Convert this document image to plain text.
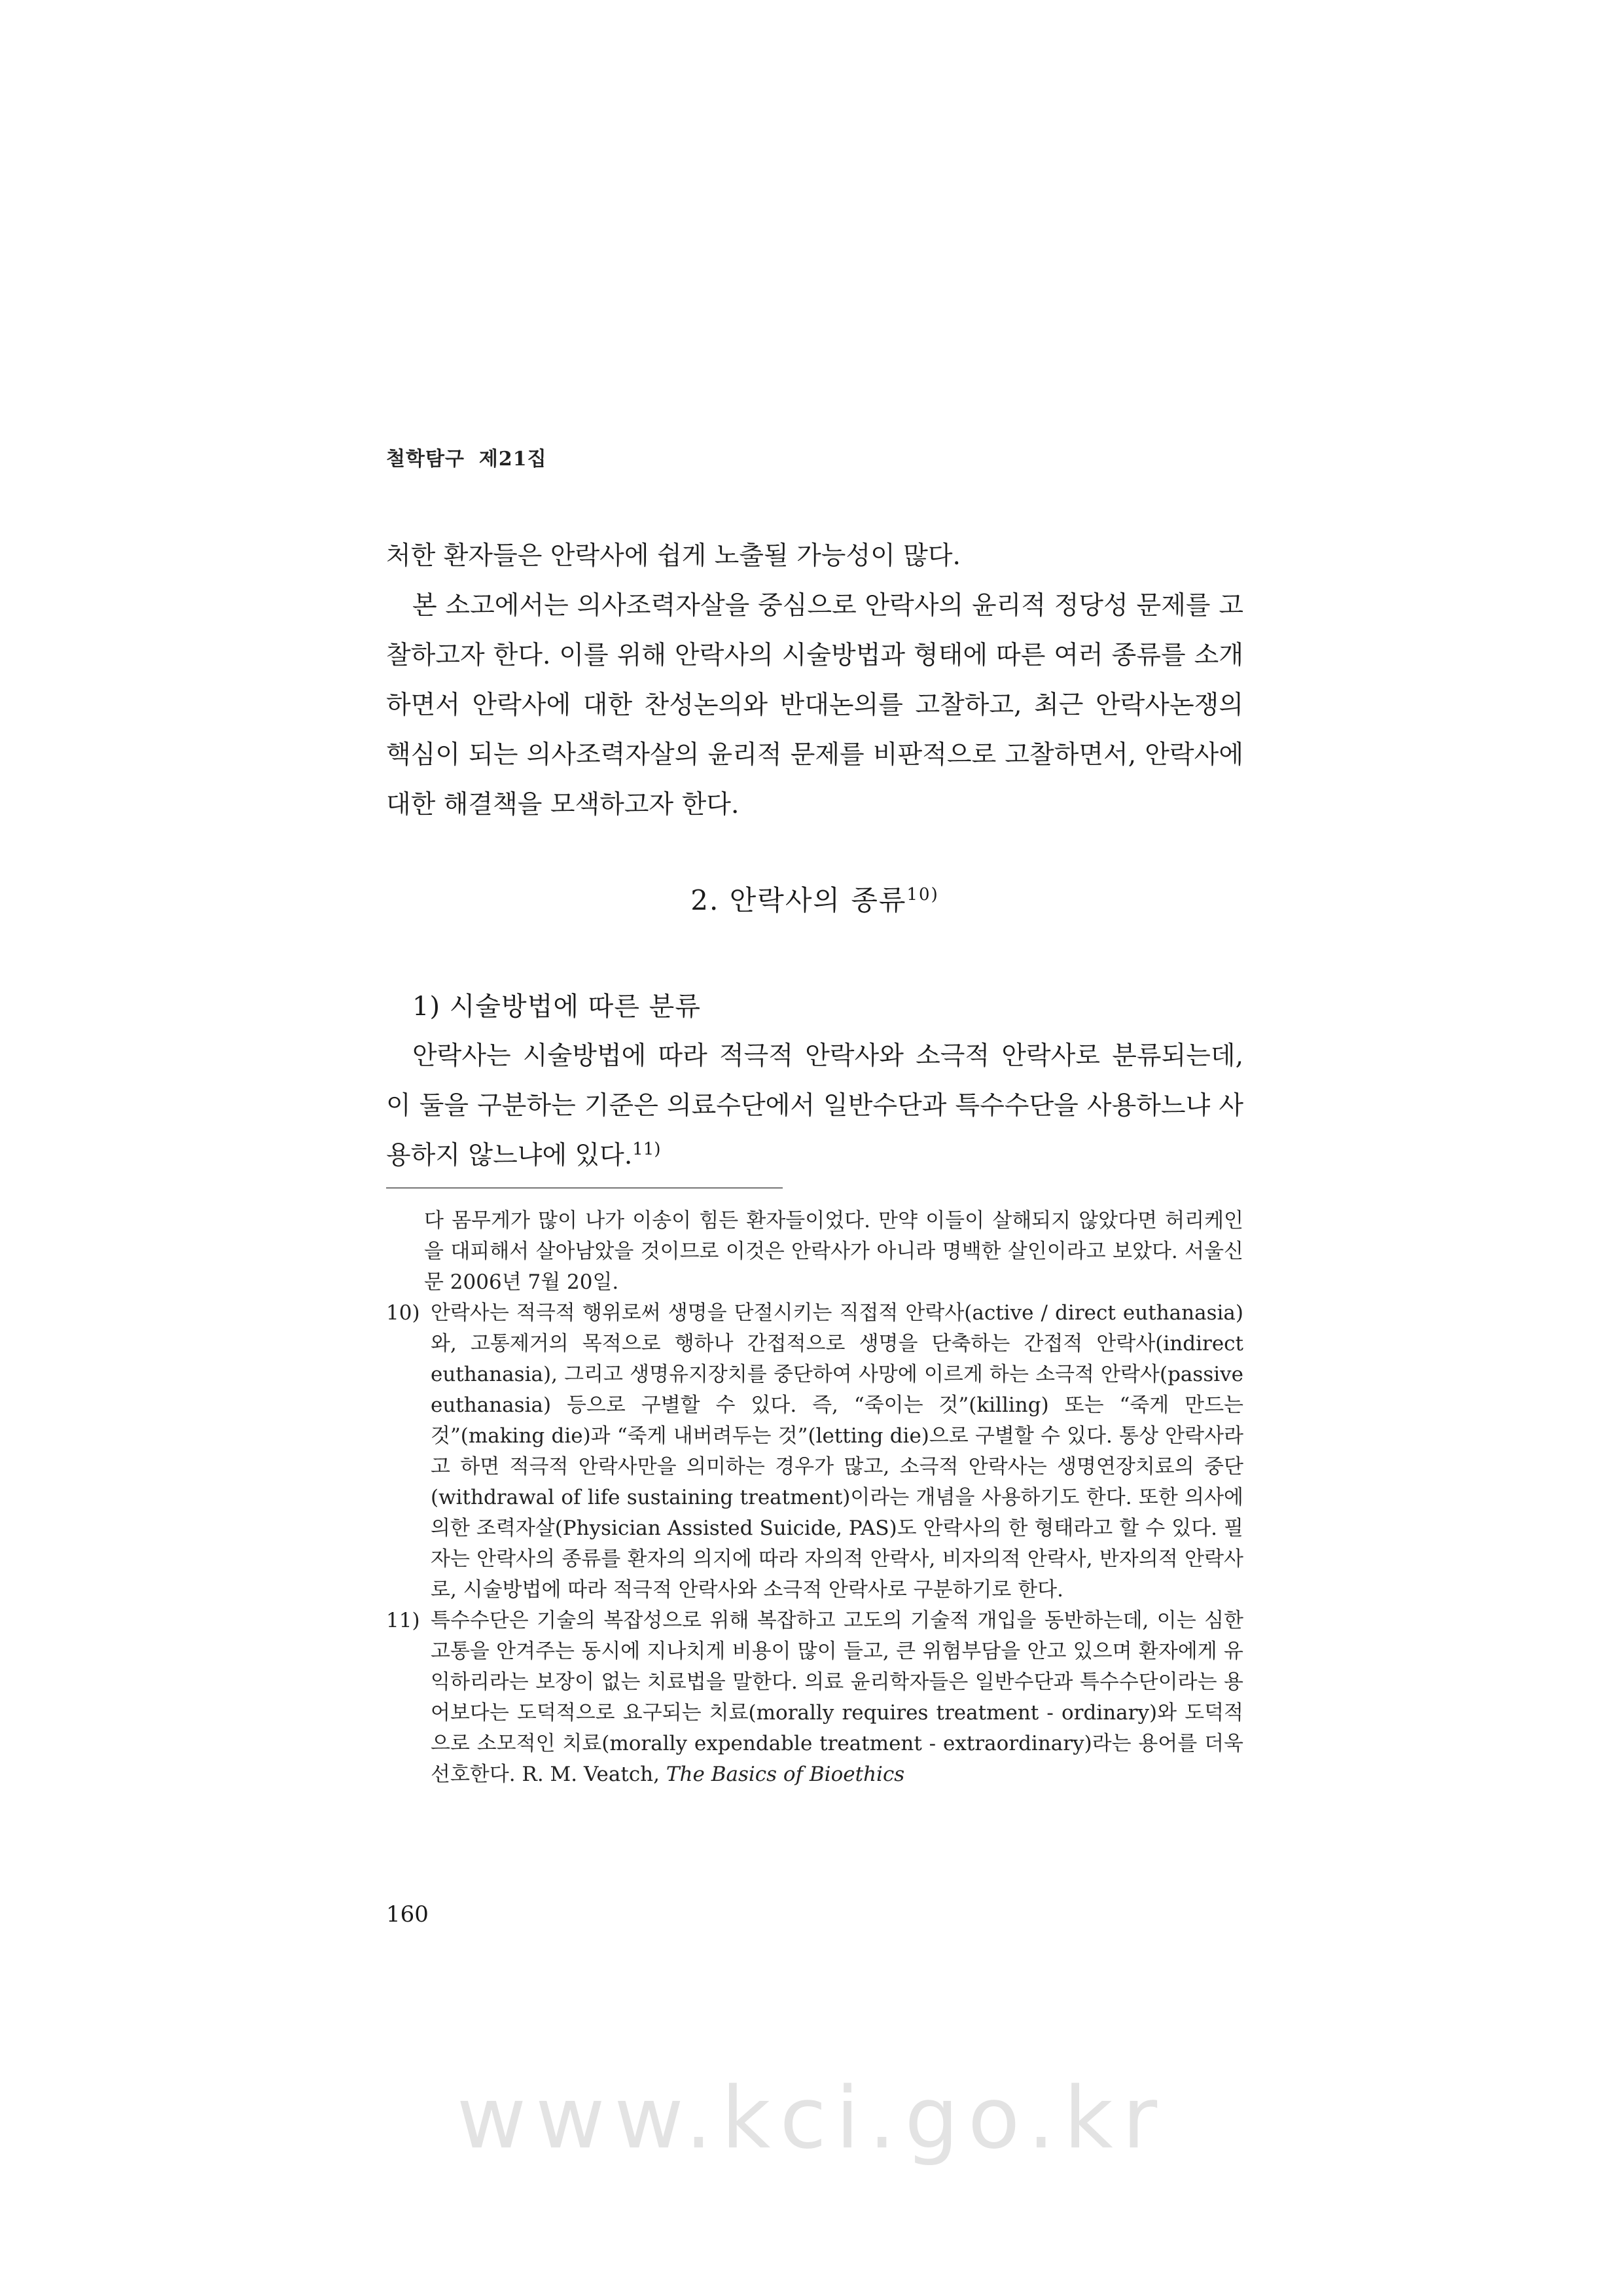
철학탐구 제21집

처한 환자들은 안락사에 쉽게 노출될 가능성이 많다.

본 소고에서는 의사조력자살을 중심으로 안락사의 윤리적 정당성 문제를 고찰하고자 한다. 이를 위해 안락사의 시술방법과 형태에 따른 여러 종류를 소개하면서 안락사에 대한 찬성논의와 반대논의를 고찰하고, 최근 안락사논쟁의 핵심이 되는 의사조력자살의 윤리적 문제를 비판적으로 고찰하면서, 안락사에 대한 해결책을 모색하고자 한다.

2. 안락사의 종류$^{10)}$
1) 시술방법에 따른 분류

안락사는 시술방법에 따라 적극적 안락사와 소극적 안락사로 분류되는데, 이 둘을 구분하는 기준은 의료수단에서 일반수단과 특수수단을 사용하느냐 사용하지 않느냐에 있다.$^{11)}$

다 몸무게가 많이 나가 이송이 힘든 환자들이었다. 만약 이들이 살해되지 않았다면 허리케인을 대피해서 살아남았을 것이므로 이것은 안락사가 아니라 명백한 살인이라고 보았다. 서울신문 2006년 7월 20일.
10) 안락사는 적극적 행위로써 생명을 단절시키는 직접적 안락사(active / direct euthanasia)와, 고통제거의 목적으로 행하나 간접적으로 생명을 단축하는 간접적 안락사(indirect euthanasia), 그리고 생명유지장치를 중단하여 사망에 이르게 하는 소극적 안락사(passive euthanasia) 등으로 구별할 수 있다. 즉, “죽이는 것”(killing) 또는 “죽게 만드는 것”(making die)과 “죽게 내버려두는 것”(letting die)으로 구별할 수 있다. 통상 안락사라고 하면 적극적 안락사만을 의미하는 경우가 많고, 소극적 안락사는 생명연장치료의 중단(withdrawal of life sustaining treatment)이라는 개념을 사용하기도 한다. 또한 의사에 의한 조력자살(Physician Assisted Suicide, PAS)도 안락사의 한 형태라고 할 수 있다. 필자는 안락사의 종류를 환자의 의지에 따라 자의적 안락사, 비자의적 안락사, 반자의적 안락사로, 시술방법에 따라 적극적 안락사와 소극적 안락사로 구분하기로 한다.
11) 특수수단은 기술의 복잡성으로 위해 복잡하고 고도의 기술적 개입을 동반하는데, 이는 심한 고통을 안겨주는 동시에 지나치게 비용이 많이 들고, 큰 위험부담을 안고 있으며 환자에게 유익하리라는 보장이 없는 치료법을 말한다. 의료 윤리학자들은 일반수단과 특수수단이라는 용어보다는 도덕적으로 요구되는 치료(morally requires treatment - ordinary)와 도덕적으로 소모적인 치료(morally expendable treatment - extraordinary)라는 용어를 더욱 선호한다. R. M. Veatch, The Basics of Bioethics
160
www.kci.go.kr
